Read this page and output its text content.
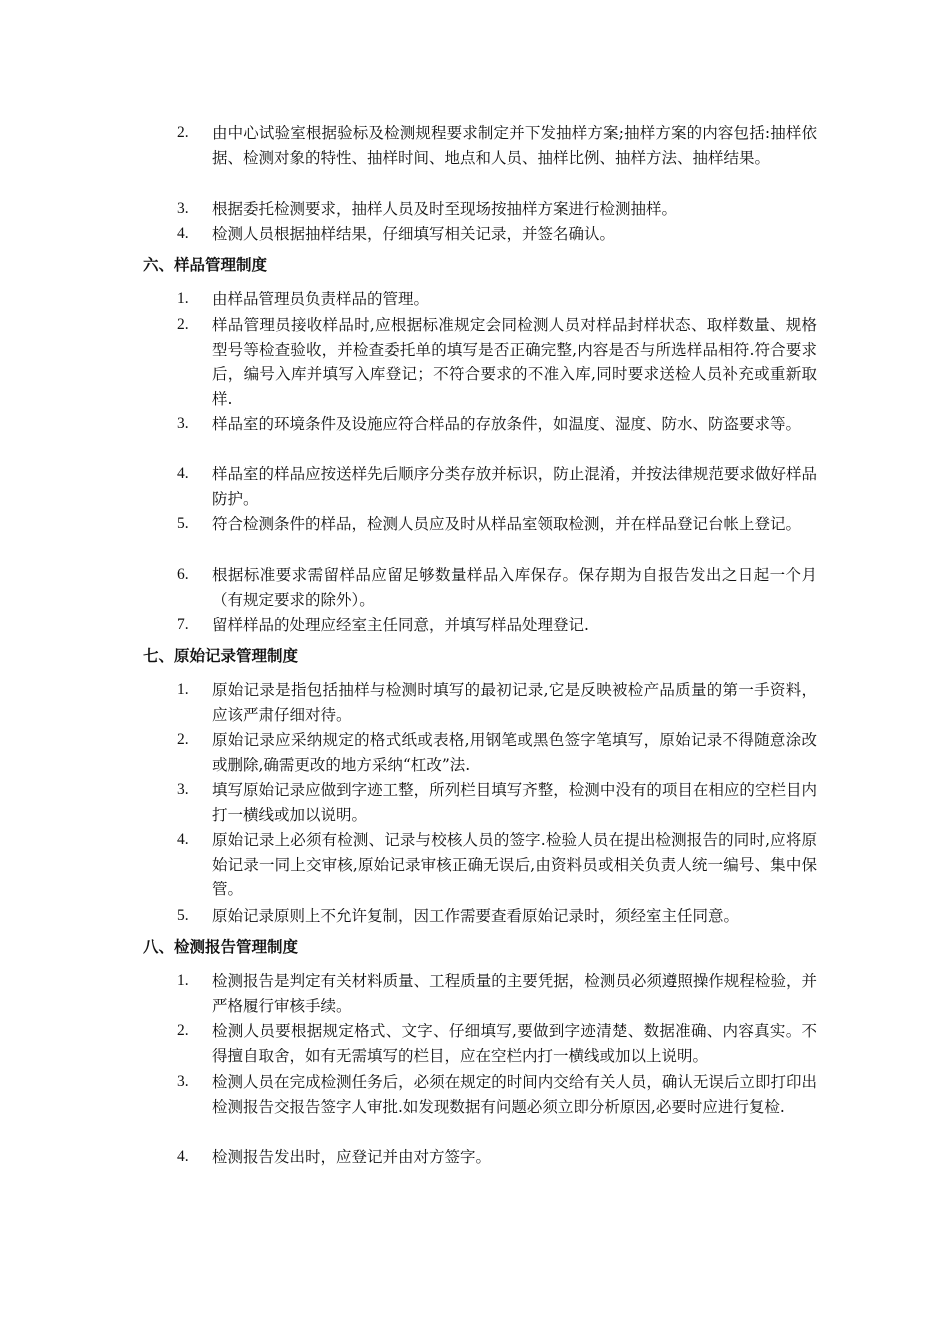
2.	由中心试验室根据验标及检测规程要求制定并下发抽样方案;抽样方案的内容包括:抽样依据、检测对象的特性、抽样时间、地点和人员、抽样比例、抽样方法、抽样结果。
3.	根据委托检测要求，抽样人员及时至现场按抽样方案进行检测抽样。
4.	检测人员根据抽样结果，仔细填写相关记录，并签名确认。
六、样品管理制度
1.	由样品管理员负责样品的管理。
2.	样品管理员接收样品时,应根据标准规定会同检测人员对样品封样状态、取样数量、规格型号等检查验收，并检查委托单的填写是否正确完整,内容是否与所选样品相符.符合要求后，编号入库并填写入库登记；不符合要求的不准入库,同时要求送检人员补充或重新取样.
3.	样品室的环境条件及设施应符合样品的存放条件，如温度、湿度、防水、防盗要求等。
4.	样品室的样品应按送样先后顺序分类存放并标识，防止混淆，并按法律规范要求做好样品防护。
5.	符合检测条件的样品，检测人员应及时从样品室领取检测，并在样品登记台帐上登记。
6.	根据标准要求需留样品应留足够数量样品入库保存。保存期为自报告发出之日起一个月（有规定要求的除外）。
7.	留样样品的处理应经室主任同意，并填写样品处理登记.
七、原始记录管理制度
1.	原始记录是指包括抽样与检测时填写的最初记录,它是反映被检产品质量的第一手资料，应该严肃仔细对待。
2.	原始记录应采纳规定的格式纸或表格,用钢笔或黑色签字笔填写，原始记录不得随意涂改或删除,确需更改的地方采纳“杠改”法.
3.	填写原始记录应做到字迹工整，所列栏目填写齐整，检测中没有的项目在相应的空栏目内打一横线或加以说明。
4.	原始记录上必须有检测、记录与校核人员的签字.检验人员在提出检测报告的同时,应将原始记录一同上交审核,原始记录审核正确无误后,由资料员或相关负责人统一编号、集中保管。
5.	原始记录原则上不允许复制，因工作需要查看原始记录时，须经室主任同意。
八、检测报告管理制度
1.	检测报告是判定有关材料质量、工程质量的主要凭据，检测员必须遵照操作规程检验，并严格履行审核手续。
2.	检测人员要根据规定格式、文字、仔细填写,要做到字迹清楚、数据准确、内容真实。不得擅自取舍，如有无需填写的栏目，应在空栏内打一横线或加以上说明。
3.	检测人员在完成检测任务后，必须在规定的时间内交给有关人员，确认无误后立即打印出检测报告交报告签字人审批.如发现数据有问题必须立即分析原因,必要时应进行复检.
4.	检测报告发出时，应登记并由对方签字。
